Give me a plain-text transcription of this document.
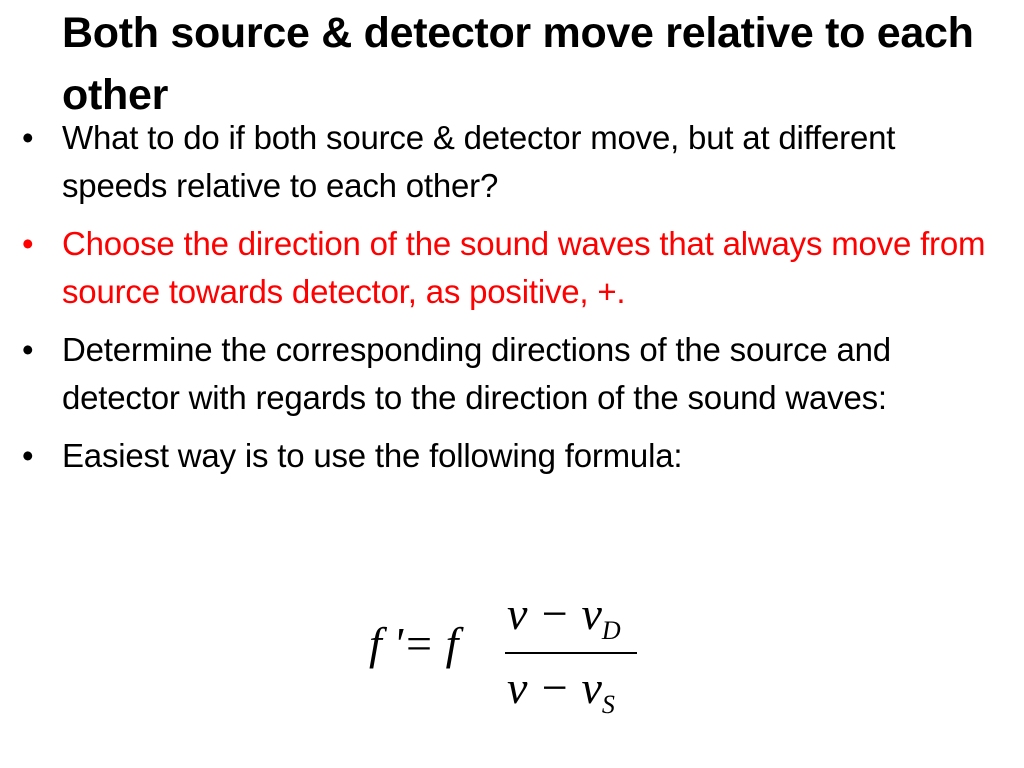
Both source & detector move relative to each other
• What to do if both source & detector move, but at different speeds relative to each other?
• Choose the direction of the sound waves that always move from source towards detector, as positive, +.
• Determine the corresponding directions of the source and detector with regards to the direction of the sound waves:
• Easiest way is to use the following formula:
f '= f
$v - v_D$
$v - v_S$
